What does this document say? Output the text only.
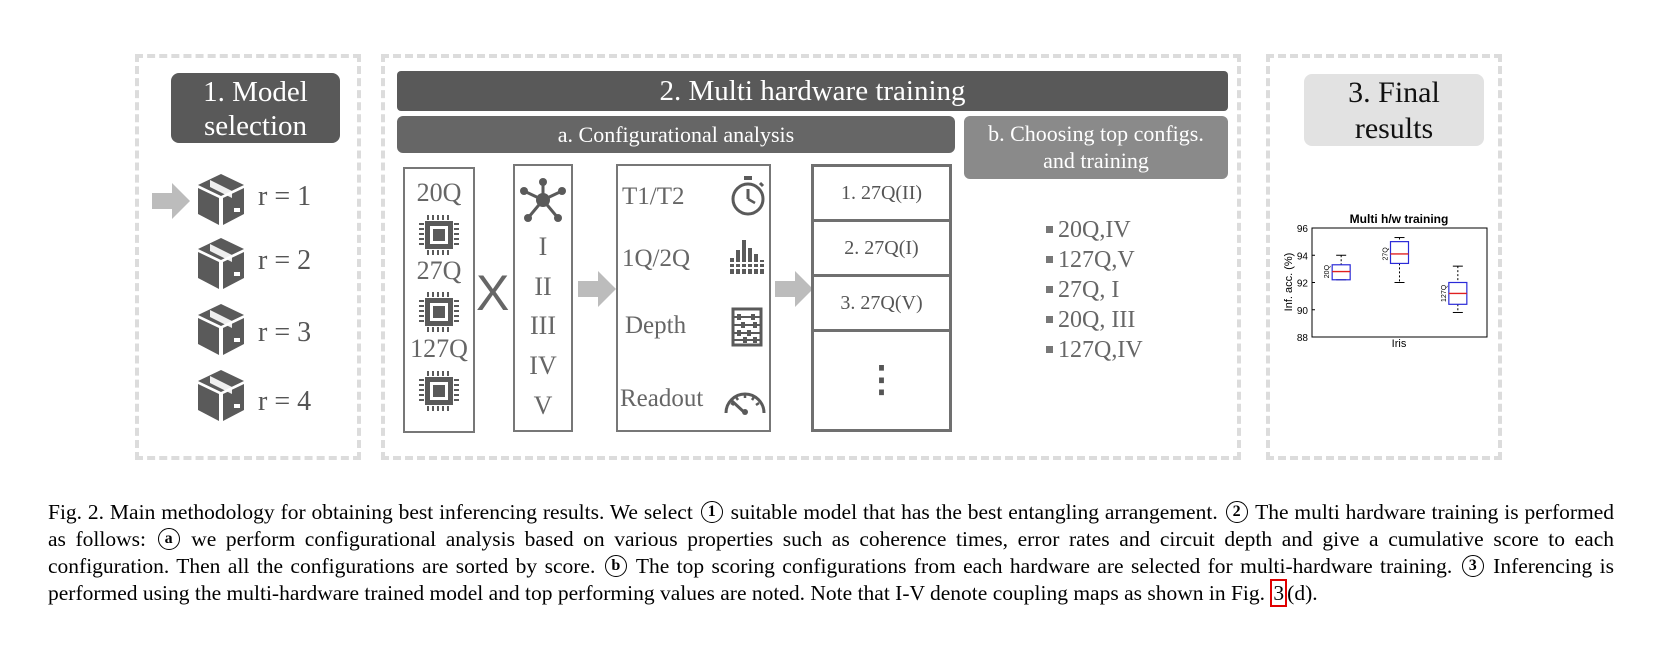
1. Model
selection
r = 1
r = 2
r = 3
r = 4
2. Multi hardware training
a. Configurational analysis	b. Choosing top configs.
and training
20Q
27Q
127Q
X
I
II
III
IV
V
T1/T2
1Q/2Q
Depth
Readout
1. 27Q(II)
2. 27Q(I)
3. 27Q(V)
⋮
20Q,IV
127Q,V
27Q, I
20Q, III
127Q,IV
3. Final
results
Multi h/w training
96
94
92
90
88
20Q
27Q
127Q
Iris
Inf. acc. (%)
Fig. 2. Main methodology for obtaining best inferencing results. We select 1 suitable model that has the best entangling arrangement. 2 The multi hardware training is performed as follows: a we perform configurational analysis based on various properties such as coherence times, error rates and circuit depth and give a cumulative score to each configuration. Then all the configurations are sorted by score. b The top scoring configurations from each hardware are selected for multi-hardware training. 3 Inferencing is performed using the multi-hardware trained model and top performing values are noted. Note that I-V denote coupling maps as shown in Fig. 3 (d).
